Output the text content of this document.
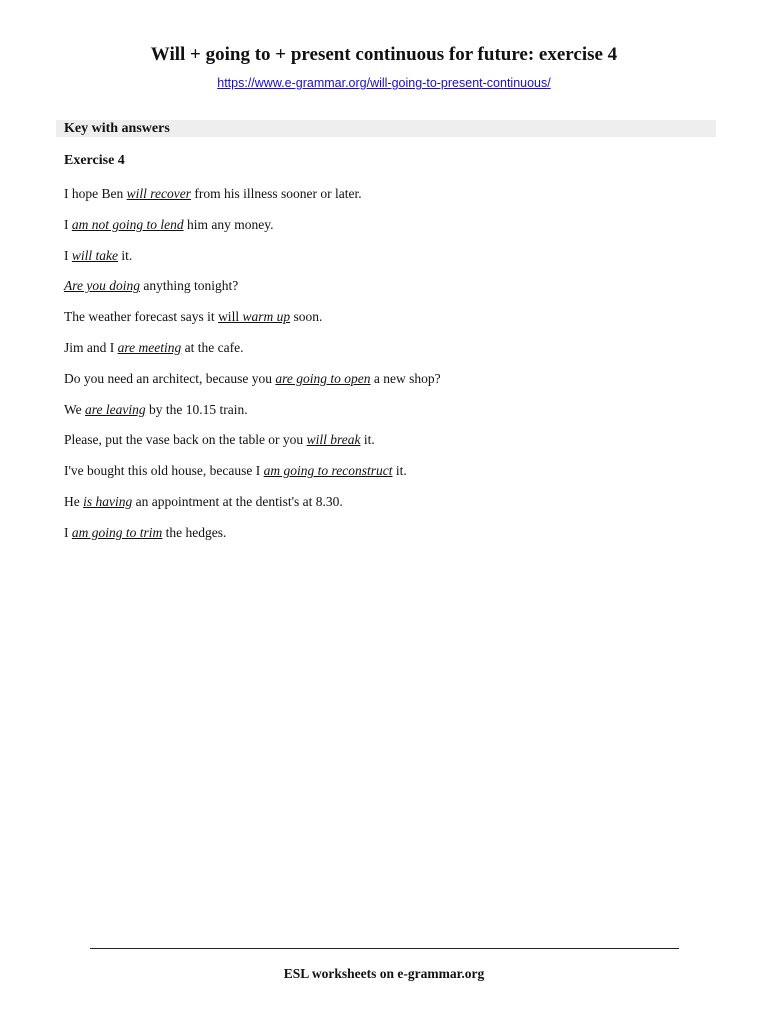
Will + going to + present continuous for future: exercise 4
https://www.e-grammar.org/will-going-to-present-continuous/
Key with answers
Exercise 4
I hope Ben will recover from his illness sooner or later.
I am not going to lend him any money.
I will take it.
Are you doing anything tonight?
The weather forecast says it will warm up soon.
Jim and I are meeting at the cafe.
Do you need an architect, because you are going to open a new shop?
We are leaving by the 10.15 train.
Please, put the vase back on the table or you will break it.
I've bought this old house, because I am going to reconstruct it.
He is having an appointment at the dentist's at 8.30.
I am going to trim the hedges.
ESL worksheets on e-grammar.org
